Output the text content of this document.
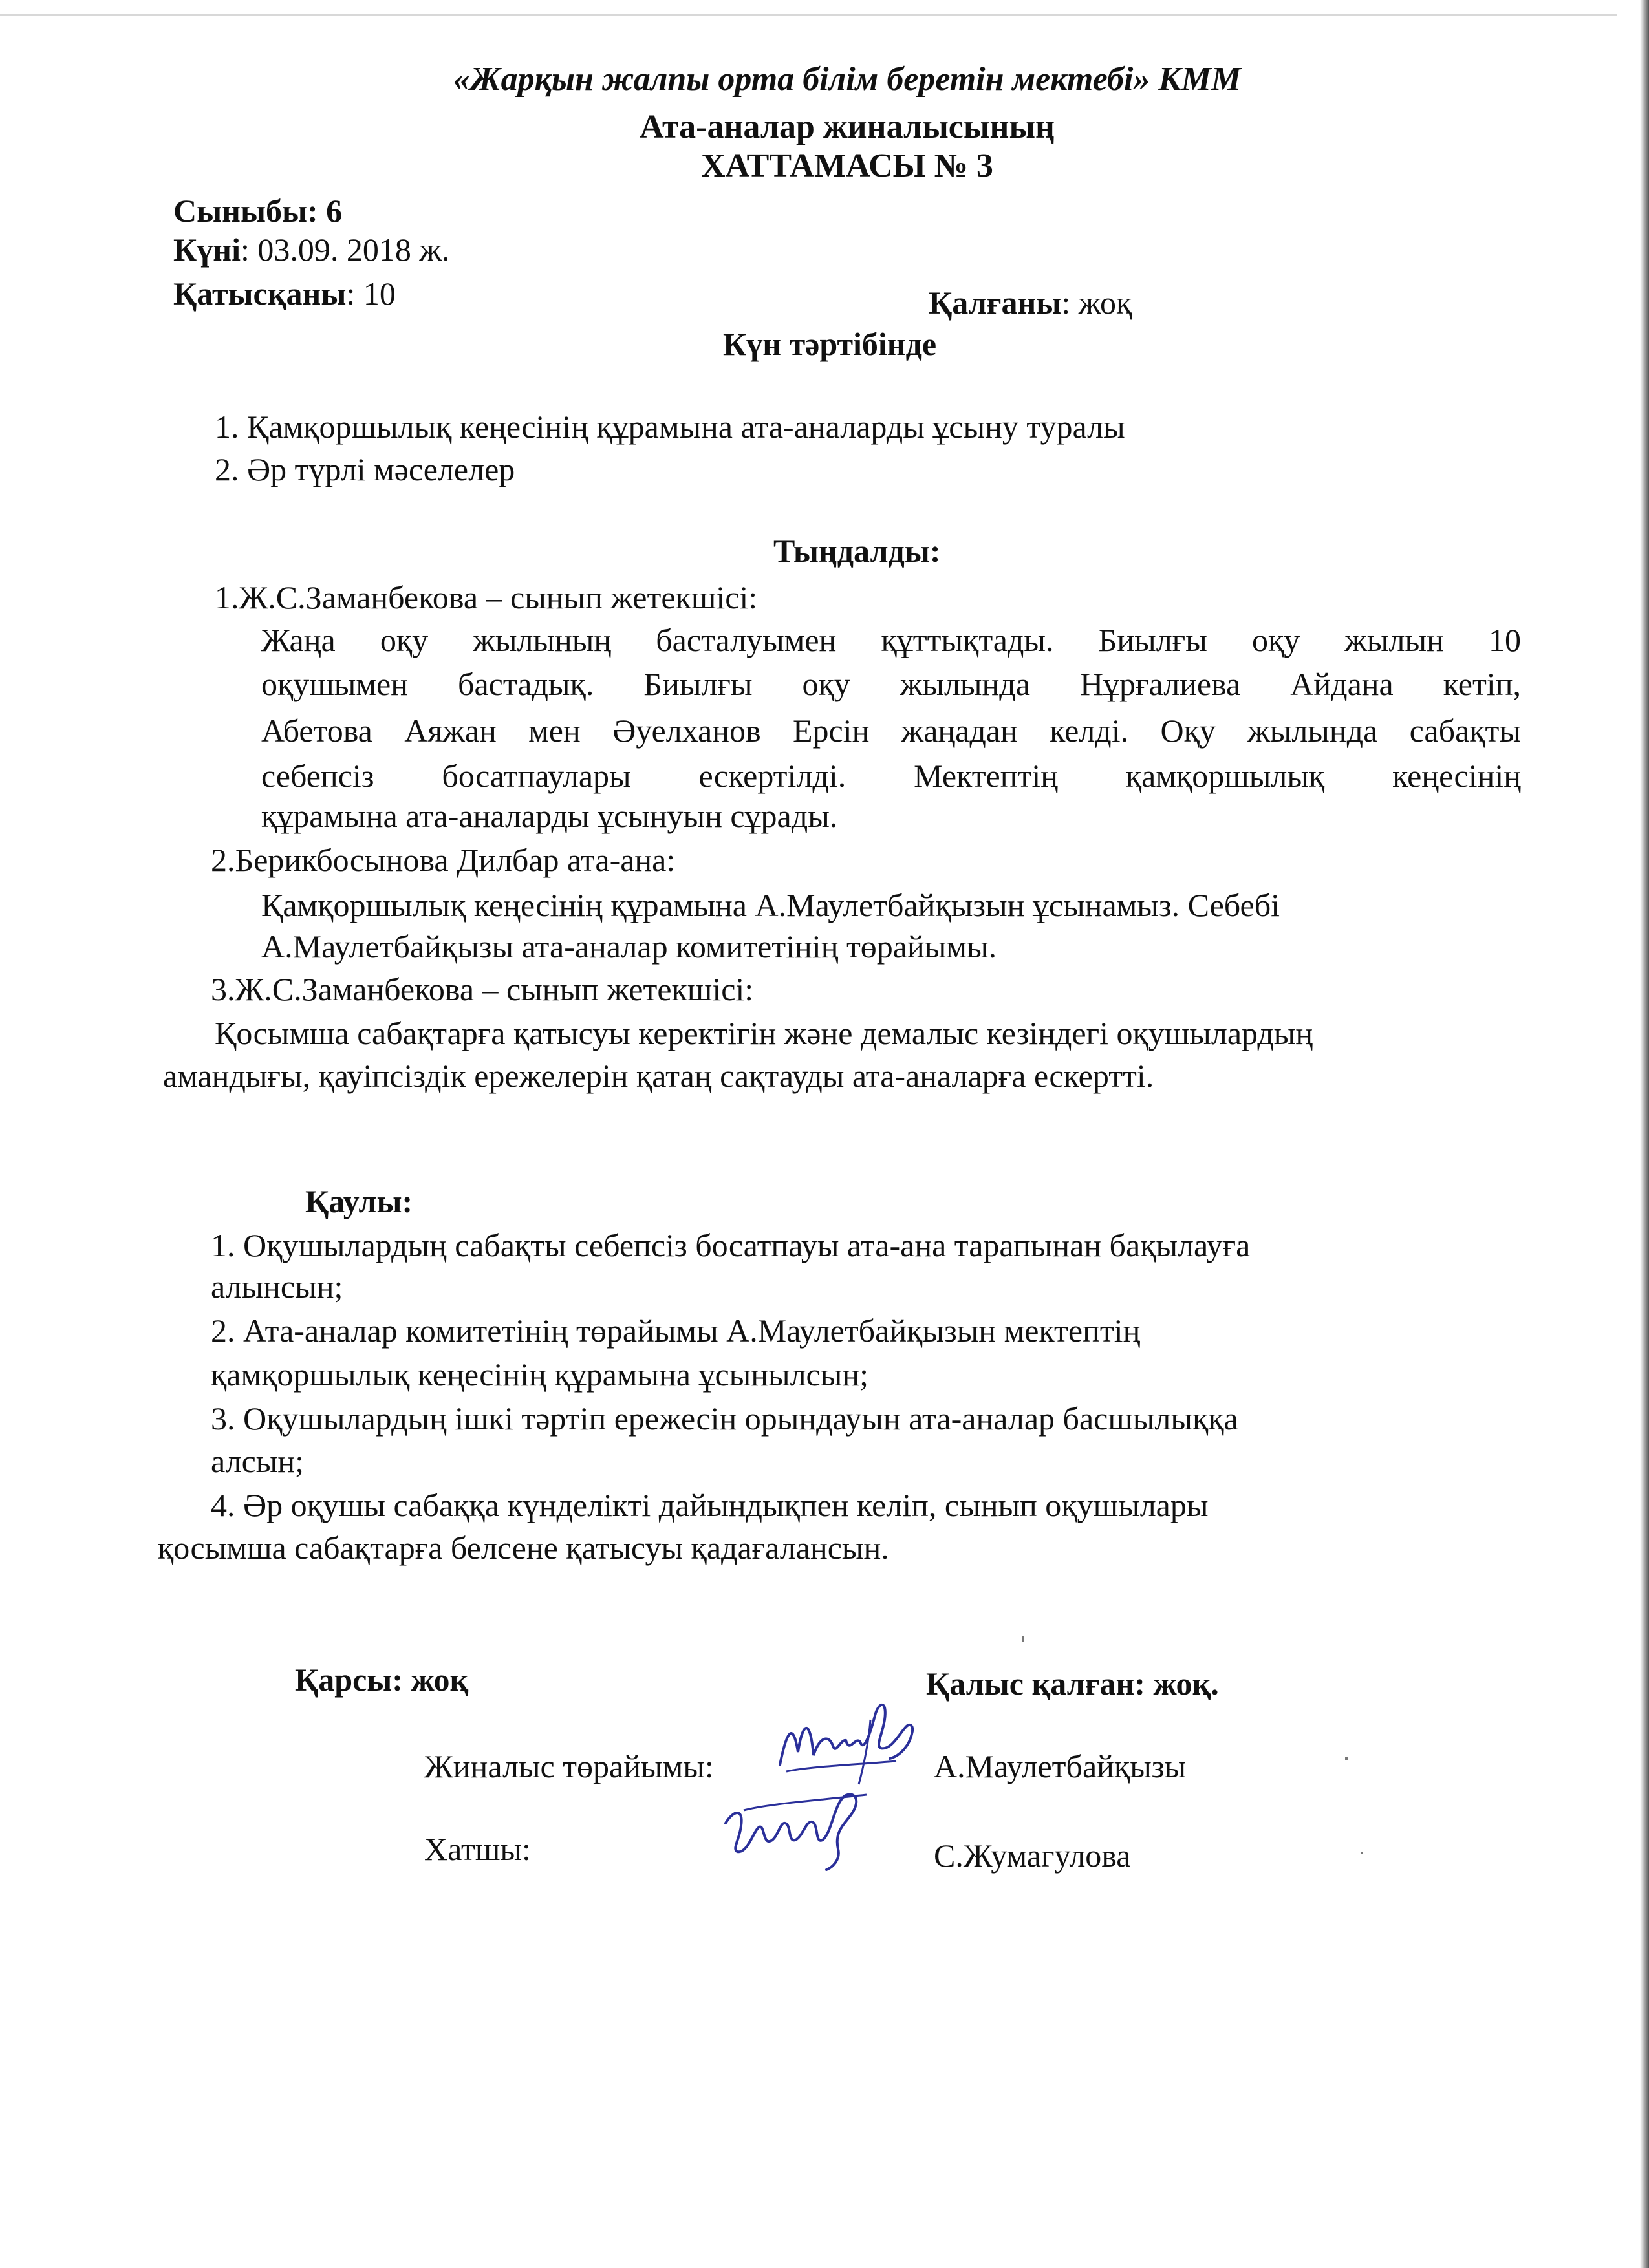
«Жарқын жалпы орта білім беретін мектебі» КММ
Ата-аналар жиналысының
ХАТТАМАСЫ № 3
Сыныбы: 6
Күні: 03.09. 2018 ж.
Қатысқаны: 10	Қалғаны: жоқ
Күн тәртібінде
1. Қамқоршылық кеңесінің құрамына ата-аналарды ұсыну туралы
2. Әр түрлі мәселелер
Тыңдалды:
1.Ж.С.Заманбекова – сынып жетекшісі:
Жаңа оқу жылының басталуымен құттықтады. Биылғы оқу жылын 10
оқушымен бастадық. Биылғы оқу жылында Нұрғалиева Айдана кетіп,
Абетова Аяжан мен Әуелханов Ерсін жаңадан келді. Оқу жылында сабақты
себепсіз босатпаулары ескертілді. Мектептің қамқоршылық кеңесінің
құрамына ата-аналарды ұсынуын сұрады.
2.Берикбосынова Дилбар ата-ана:
Қамқоршылық кеңесінің құрамына А.Маулетбайқызын ұсынамыз. Себебі
А.Маулетбайқызы ата-аналар комитетінің төрайымы.
3.Ж.С.Заманбекова – сынып жетекшісі:
Қосымша сабақтарға қатысуы керектігін және демалыс кезіндегі оқушылардың
амандығы, қауіпсіздік ережелерін қатаң сақтауды ата-аналарға ескертті.
Қаулы:
1. Оқушылардың сабақты себепсіз босатпауы ата-ана тарапынан бақылауға
алынсын;
2. Ата-аналар комитетінің төрайымы А.Маулетбайқызын мектептің
қамқоршылық кеңесінің құрамына ұсынылсын;
3. Оқушылардың ішкі тәртіп ережесін орындауын ата-аналар басшылыққа
алсын;
4. Әр оқушы сабаққа күнделікті дайындықпен келіп, сынып оқушылары
қосымша сабақтарға белсене қатысуы қадағалансын.
Қарсы: жоқ	Қалыс қалған: жоқ.
Жиналыс төрайымы:	А.Маулетбайқызы
Хатшы:	С.Жумагулова
